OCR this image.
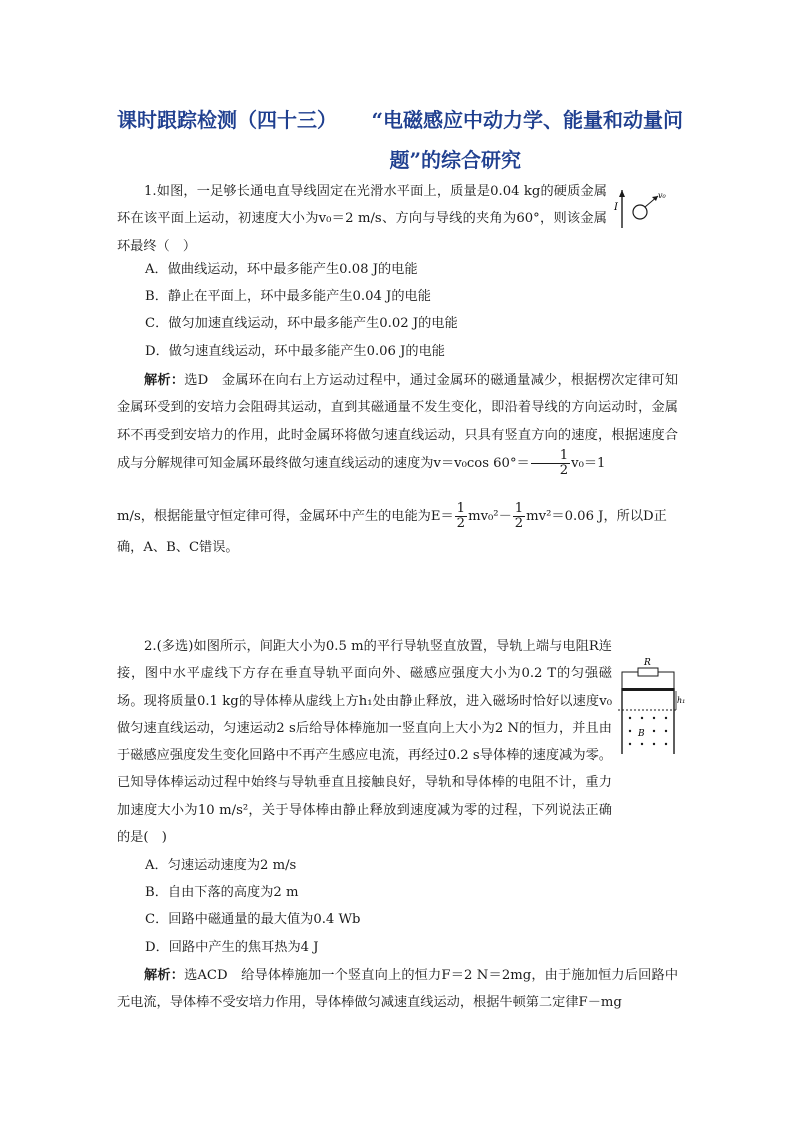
课时跟踪检测（四十三） “电磁感应中动力学、能量和动量问
题”的综合研究
1.如图，一足够长通电直导线固定在光滑水平面上，质量是0.04 kg的硬质金属环在该平面上运动，初速度大小为v₀＝2 m/s、方向与导线的夹角为60°，则该金属环最终（　）
I
v₀
A．做曲线运动，环中最多能产生0.08 J的电能
B．静止在平面上，环中最多能产生0.04 J的电能
C．做匀加速直线运动，环中最多能产生0.02 J的电能
D．做匀速直线运动，环中最多能产生0.06 J的电能
解析：选D　 金属环在向右上方运动过程中，通过金属环的磁通量减少，根据楞次定律可知金属环受到的安培力会阻碍其运动，直到其磁通量不发生变化，即沿着导线的方向运动时，金属环不再受到安培力的作用，此时金属环将做匀速直线运动，只具有竖直方向的速度，根据速度合成与分解规律可知金属环最终做匀速直线运动的速度为v＝v₀cos $60^\circ= \frac{1}{2} v_0=1$
m/s，根据能量守恒定律可得，金属环中产生的电能为$E= \frac{1}{2} mv_0^2- \frac{1}{2} mv^2=0.06$ J，所以D正
确，A、B、C错误。
2.(多选)如图所示，间距大小为0.5 m的平行导轨竖直放置，导轨上端与电阻R连接，图中水平虚线下方存在垂直导轨平面向外、磁感应强度大小为0.2 T的匀强磁场。现将质量0.1 kg的导体棒从虚线上方h₁处由静止释放，进入磁场时恰好以速度v₀做匀速直线运动，匀速运动2 s后给导体棒施加一竖直向上大小为2 N的恒力，并且由于磁感应强度发生变化回路中不再产生感应电流，再经过0.2 s导体棒的速度减为零。已知导体棒运动过程中始终与导轨垂直且接触良好，导轨和导体棒的电阻不计，重力加速度大小为10 m/s²，关于导体棒由静止释放到速度减为零的过程，下列说法正确的是(　)
R
h₁
B
A．匀速运动速度为2 m/s
B．自由下落的高度为2 m
C．回路中磁通量的最大值为0.4 Wb
D．回路中产生的焦耳热为4 J
解析：选ACD　 给导体棒施加一个竖直向上的恒力F＝2 N＝2mg，由于施加恒力后回路中无电流，导体棒不受安培力作用，导体棒做匀减速直线运动，根据牛顿第二定律F－mg
